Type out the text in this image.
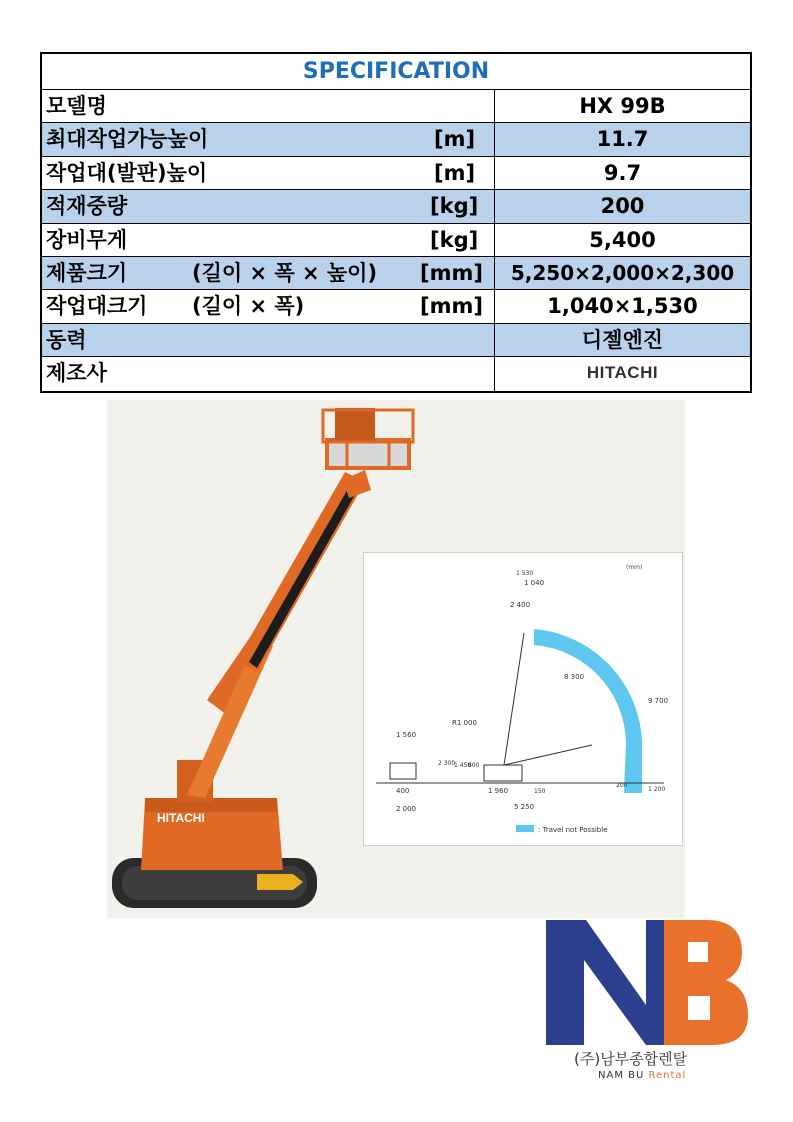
SPECIFICATION
모델명	HX 99B
최대작업가능높이	[m]	11.7
작업대(발판)높이	[m]	9.7
적재중량	[kg]	200
장비무게	[kg]	5,400
제품크기	(길이 × 폭 × 높이) [mm]	5,250×2,000×2,300
작업대크기 (길이 × 폭)	[mm]	1,040×1,530
동력	디젤엔진
제조사	HITACHI
HITACHI
(mm)
1 040
1 530
2 400
8 300
9 700
R1 000
1 560
2 300
1 450
600
400	1 960	150
200
1 200
5 250
2 000
: Travel not Possible
(주)남부종합렌탈
NAM BU Rental
